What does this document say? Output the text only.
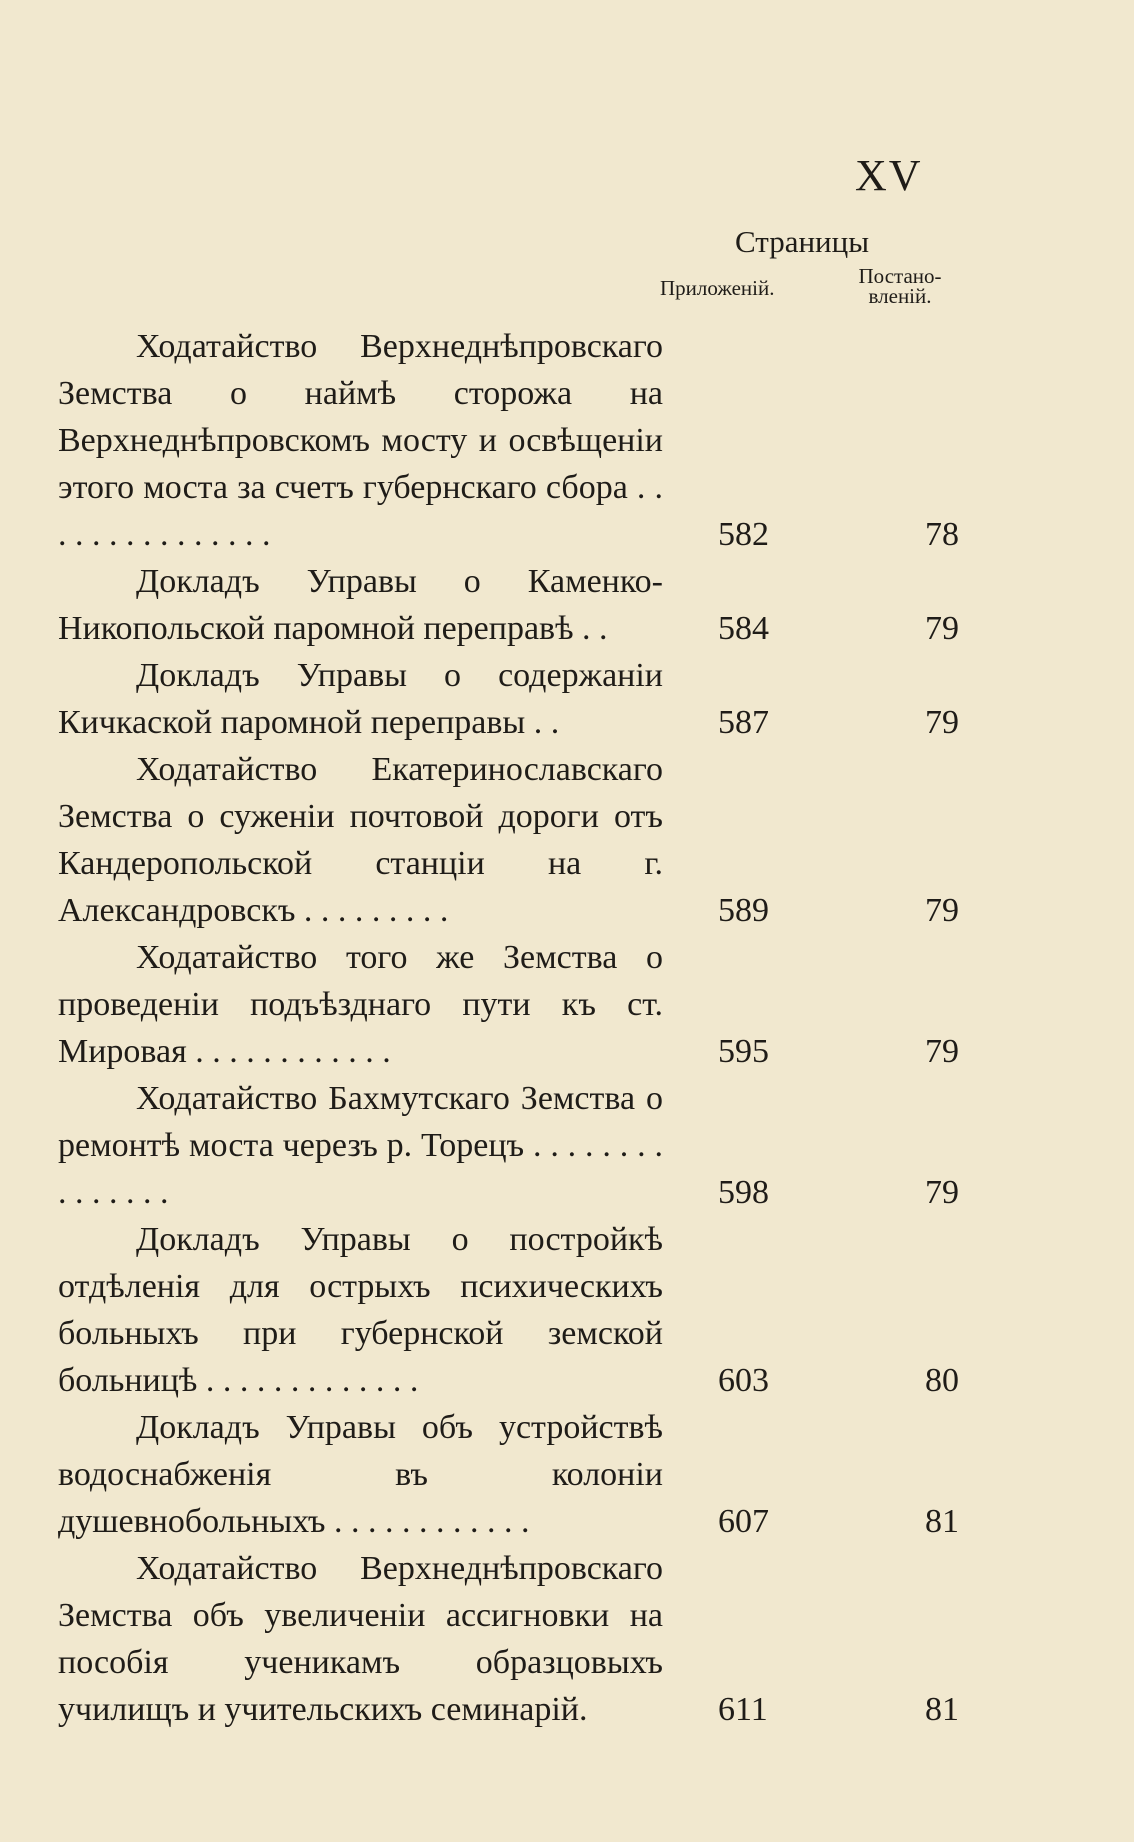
XV
Страницы
Приложеній.	Постано-вленій.
Ходатайство Верхнеднѣпровскаго Земства о наймѣ сторожа на Верхнеднѣпровскомъ мосту и освѣщеніи этого моста за счетъ губернскаго сбора . . . . . . . . . . . . . . .	582	78
Докладъ Управы о Каменко-Никопольской паромной переправѣ . .	584	79
Докладъ Управы о содержаніи Кичкаской паромной переправы . .	587	79
Ходатайство Екатеринославскаго Земства о суженіи почтовой дороги отъ Кандеропольской станціи на г. Александровскъ . . . . . . . . .	589	79
Ходатайство того же Земства о проведеніи подъѣзднаго пути къ ст. Мировая . . . . . . . . . . . .	595	79
Ходатайство Бахмутскаго Земства о ремонтѣ моста черезъ р. Торецъ . . . . . . . . . . . . . . .	598	79
Докладъ Управы о постройкѣ отдѣленія для острыхъ психическихъ больныхъ при губернской земской больницѣ . . . . . . . . . . . . .	603	80
Докладъ Управы объ устройствѣ водоснабженія въ колоніи душевнобольныхъ . . . . . . . . . . . .	607	81
Ходатайство Верхнеднѣпровскаго Земства объ увеличеніи ассигновки на пособія ученикамъ образцовыхъ училищъ и учительскихъ семинарій.	611	81
